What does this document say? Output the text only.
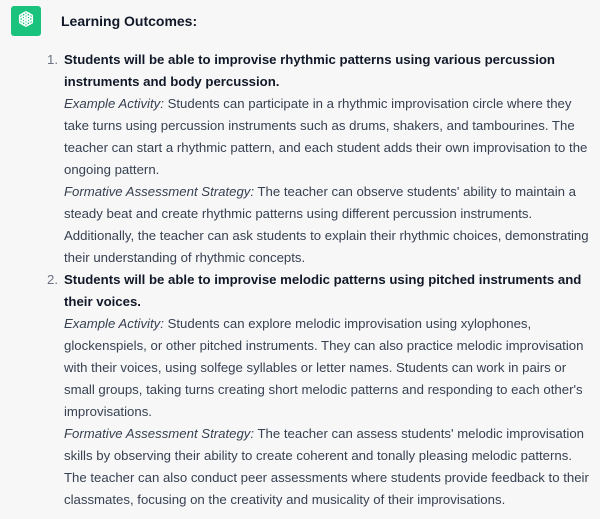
Learning Outcomes:
1. Students will be able to improvise rhythmic patterns using various percussion instruments and body percussion.
Example Activity: Students can participate in a rhythmic improvisation circle where they take turns using percussion instruments such as drums, shakers, and tambourines. The teacher can start a rhythmic pattern, and each student adds their own improvisation to the ongoing pattern.
Formative Assessment Strategy: The teacher can observe students' ability to maintain a steady beat and create rhythmic patterns using different percussion instruments. Additionally, the teacher can ask students to explain their rhythmic choices, demonstrating their understanding of rhythmic concepts.
2. Students will be able to improvise melodic patterns using pitched instruments and their voices.
Example Activity: Students can explore melodic improvisation using xylophones, glockenspiels, or other pitched instruments. They can also practice melodic improvisation with their voices, using solfege syllables or letter names. Students can work in pairs or small groups, taking turns creating short melodic patterns and responding to each other's improvisations.
Formative Assessment Strategy: The teacher can assess students' melodic improvisation skills by observing their ability to create coherent and tonally pleasing melodic patterns. The teacher can also conduct peer assessments where students provide feedback to their classmates, focusing on the creativity and musicality of their improvisations.
